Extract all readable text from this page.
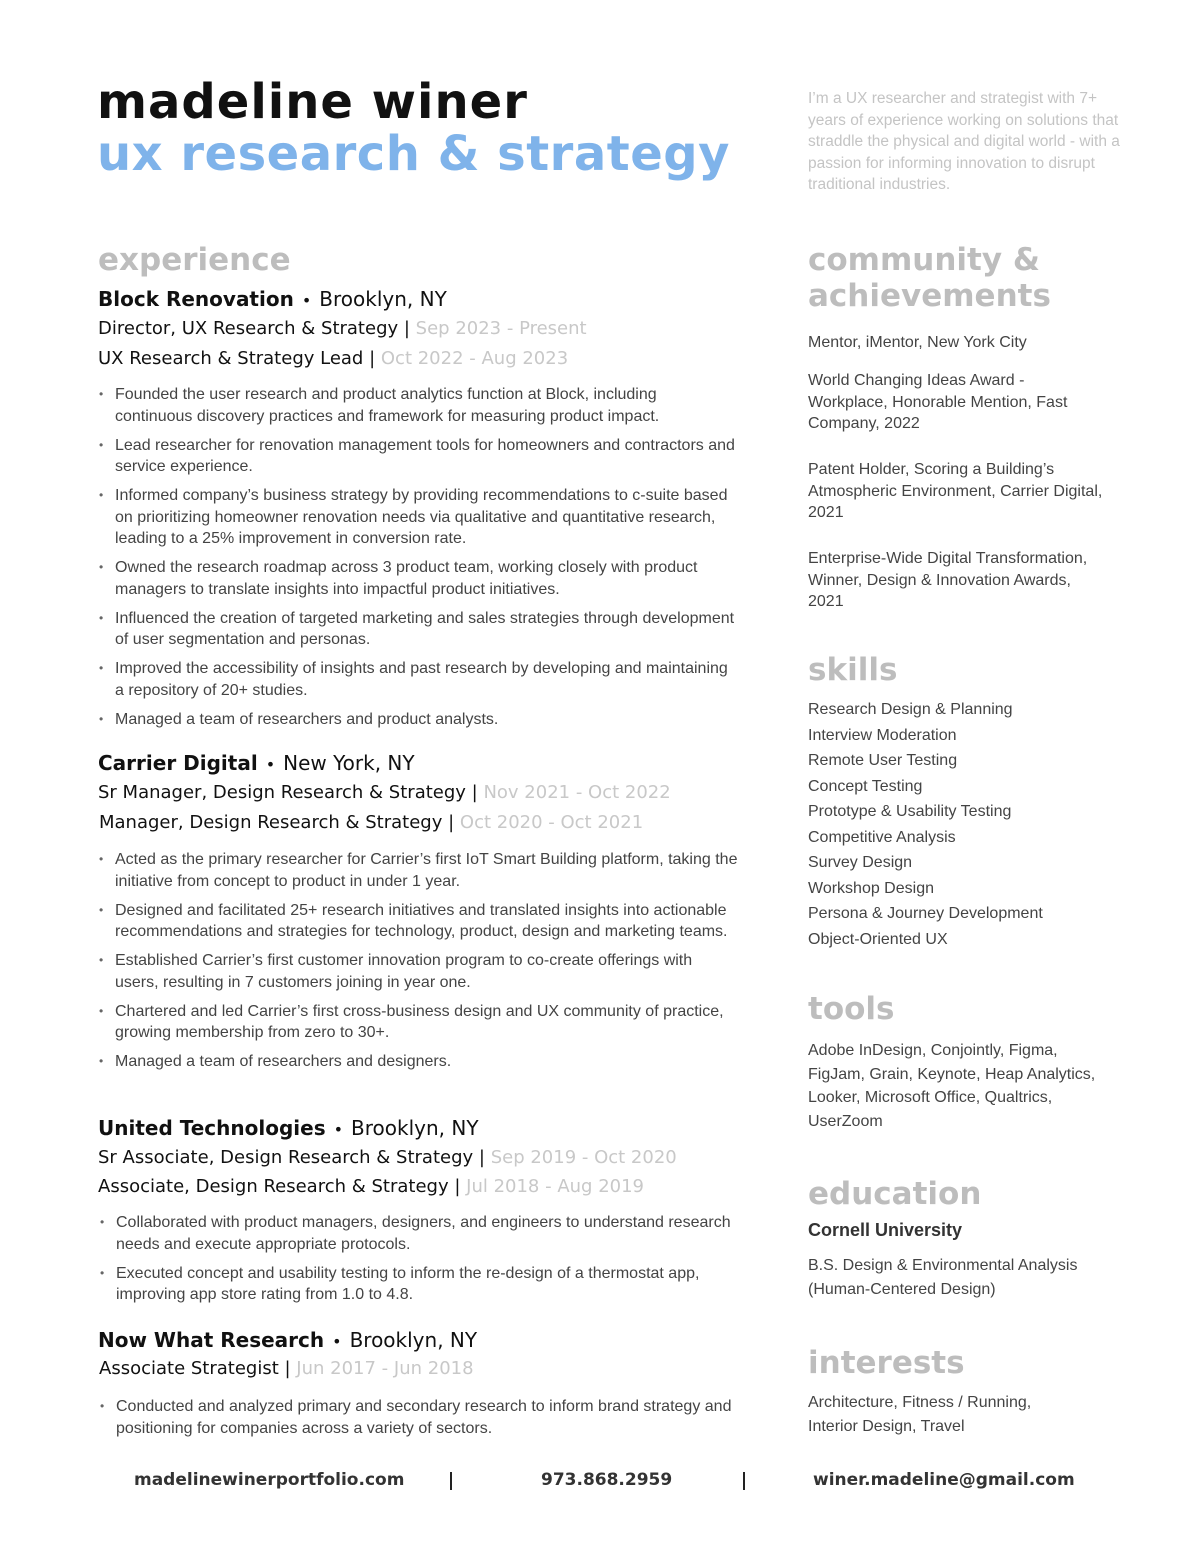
madeline winer
ux research & strategy
I’m a UX researcher and strategist with 7+ years of experience working on solutions that straddle the physical and digital world - with a passion for informing innovation to disrupt traditional industries.
experience
Block Renovation • Brooklyn, NY
Director, UX Research & Strategy | Sep 2023 - Present
UX Research & Strategy Lead | Oct 2022 - Aug 2023
• Founded the user research and product analytics function at Block, including continuous discovery practices and framework for measuring product impact.
• Lead researcher for renovation management tools for homeowners and contractors and service experience.
• Informed company’s business strategy by providing recommendations to c-suite based on prioritizing homeowner renovation needs via qualitative and quantitative research, leading to a 25% improvement in conversion rate.
• Owned the research roadmap across 3 product team, working closely with product managers to translate insights into impactful product initiatives.
• Influenced the creation of targeted marketing and sales strategies through development of user segmentation and personas.
• Improved the accessibility of insights and past research by developing and maintaining a repository of 20+ studies.
• Managed a team of researchers and product analysts.
Carrier Digital • New York, NY
Sr Manager, Design Research & Strategy | Nov 2021 - Oct 2022
Manager, Design Research & Strategy | Oct 2020 - Oct 2021
• Acted as the primary researcher for Carrier’s first IoT Smart Building platform, taking the initiative from concept to product in under 1 year.
• Designed and facilitated 25+ research initiatives and translated insights into actionable recommendations and strategies for technology, product, design and marketing teams.
• Established Carrier’s first customer innovation program to co-create offerings with users, resulting in 7 customers joining in year one.
• Chartered and led Carrier’s first cross-business design and UX community of practice, growing membership from zero to 30+.
• Managed a team of researchers and designers.
United Technologies • Brooklyn, NY
Sr Associate, Design Research & Strategy | Sep 2019 - Oct 2020
Associate, Design Research & Strategy | Jul 2018 - Aug 2019
• Collaborated with product managers, designers, and engineers to understand research needs and execute appropriate protocols.
• Executed concept and usability testing to inform the re-design of a thermostat app, improving app store rating from 1.0 to 4.8.
Now What Research • Brooklyn, NY
Associate Strategist | Jun 2017 - Jun 2018
• Conducted and analyzed primary and secondary research to inform brand strategy and positioning for companies across a variety of sectors.
community &
achievements
Mentor, iMentor, New York City
World Changing Ideas Award - Workplace, Honorable Mention, Fast Company, 2022
Patent Holder, Scoring a Building’s Atmospheric Environment, Carrier Digital, 2021
Enterprise-Wide Digital Transformation, Winner, Design & Innovation Awards, 2021
skills
Research Design & Planning
Interview Moderation
Remote User Testing
Concept Testing
Prototype & Usability Testing
Competitive Analysis
Survey Design
Workshop Design
Persona & Journey Development
Object-Oriented UX
tools
Adobe InDesign, Conjointly, Figma, FigJam, Grain, Keynote, Heap Analytics, Looker, Microsoft Office, Qualtrics, UserZoom
education
Cornell University
B.S. Design & Environmental Analysis (Human-Centered Design)
interests
Architecture, Fitness / Running, Interior Design, Travel
madelinewinerportfolio.com	973.868.2959	winer.madeline@gmail.com
